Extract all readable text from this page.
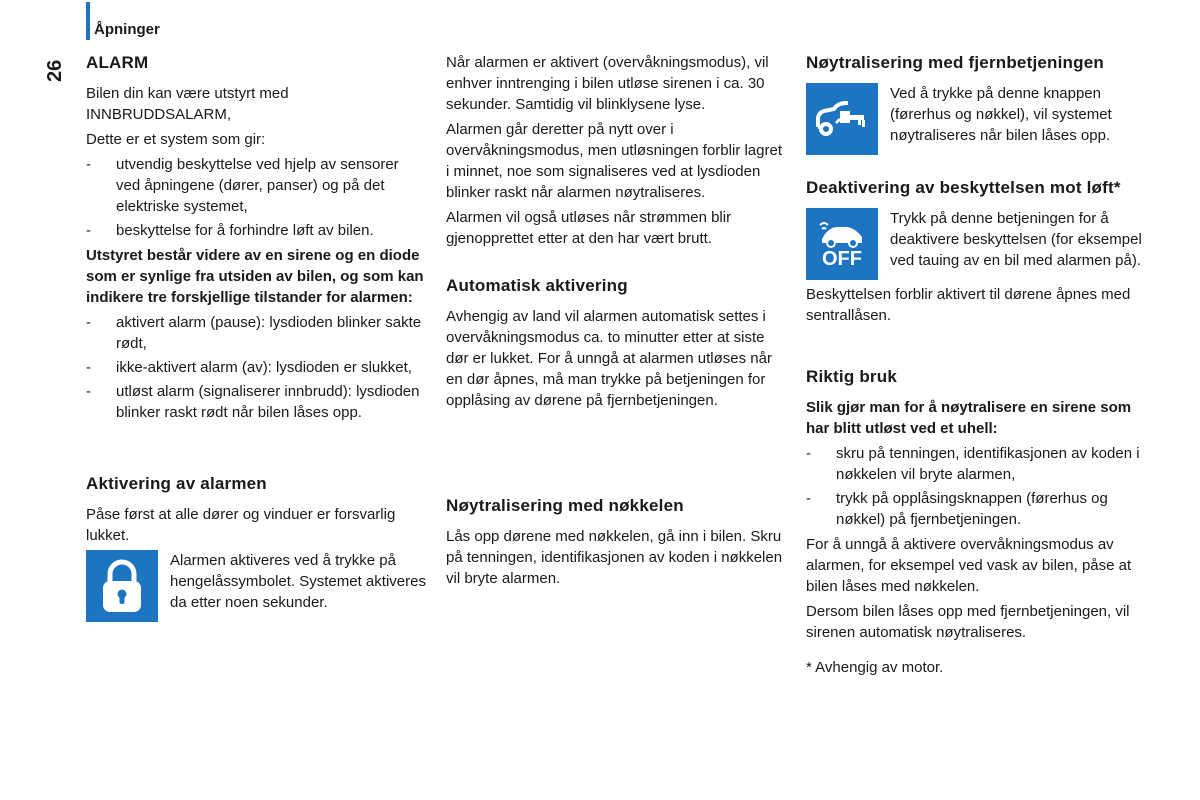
Åpninger
26 ALARM

Bilen din kan være utstyrt med INNBRUDDSALARM,

Dette er et system som gir:

- utvendig beskyttelse ved hjelp av sensorer ved åpningene (dører, panser) og på det elektriske systemet,
- beskyttelse for å forhindre løft av bilen.

Utstyret består videre av en sirene og en diode som er synlige fra utsiden av bilen, og som kan indikere tre forskjellige tilstander for alarmen:

- aktivert alarm (pause): lysdioden blinker sakte rødt,
- ikke-aktivert alarm (av): lysdioden er slukket,
- utløst alarm (signaliserer innbrudd): lysdioden blinker raskt rødt når bilen låses opp.
Aktivering av alarmen

Påse først at alle dører og vinduer er forsvarlig lukket.

Alarmen aktiveres ved å trykke på hengelåssymbolet. Systemet aktiveres da etter noen sekunder.

Når alarmen er aktivert (overvåkningsmodus), vil enhver inntrenging i bilen utløse sirenen i ca. 30 sekunder. Samtidig vil blinklysene lyse.

Alarmen går deretter på nytt over i overvåkningsmodus, men utløsningen forblir lagret i minnet, noe som signaliseres ved at lysdioden blinker raskt når alarmen nøytraliseres.

Alarmen vil også utløses når strømmen blir gjenopprettet etter at den har vært brutt.

Automatisk aktivering

Avhengig av land vil alarmen automatisk settes i overvåkningsmodus ca. to minutter etter at siste dør er lukket. For å unngå at alarmen utløses når en dør åpnes, må man trykke på betjeningen for opplåsing av dørene på fjernbetjeningen.

Nøytralisering med nøkkelen

Lås opp dørene med nøkkelen, gå inn i bilen. Skru på tenningen, identifikasjonen av koden i nøkkelen vil bryte alarmen.

Nøytralisering med fjernbetjeningen
Ved å trykke på denne knappen (førerhus og nøkkel), vil systemet nøytraliseres når bilen låses opp.
Deaktivering av beskyttelsen mot løft*
OFF
Trykk på denne betjeningen for å deaktivere beskyttelsen (for eksempel ved tauing av en bil med alarmen på).

Beskyttelsen forblir aktivert til dørene åpnes med sentrallåsen.

Riktig bruk

Slik gjør man for å nøytralisere en sirene som har blitt utløst ved et uhell:

- skru på tenningen, identifikasjonen av koden i nøkkelen vil bryte alarmen,
- trykk på opplåsingsknappen (førerhus og nøkkel) på fjernbetjeningen.

For å unngå å aktivere overvåkningsmodus av alarmen, for eksempel ved vask av bilen, påse at bilen låses med nøkkelen.

Dersom bilen låses opp med fjernbetjeningen, vil sirenen automatisk nøytraliseres.

* Avhengig av motor.
